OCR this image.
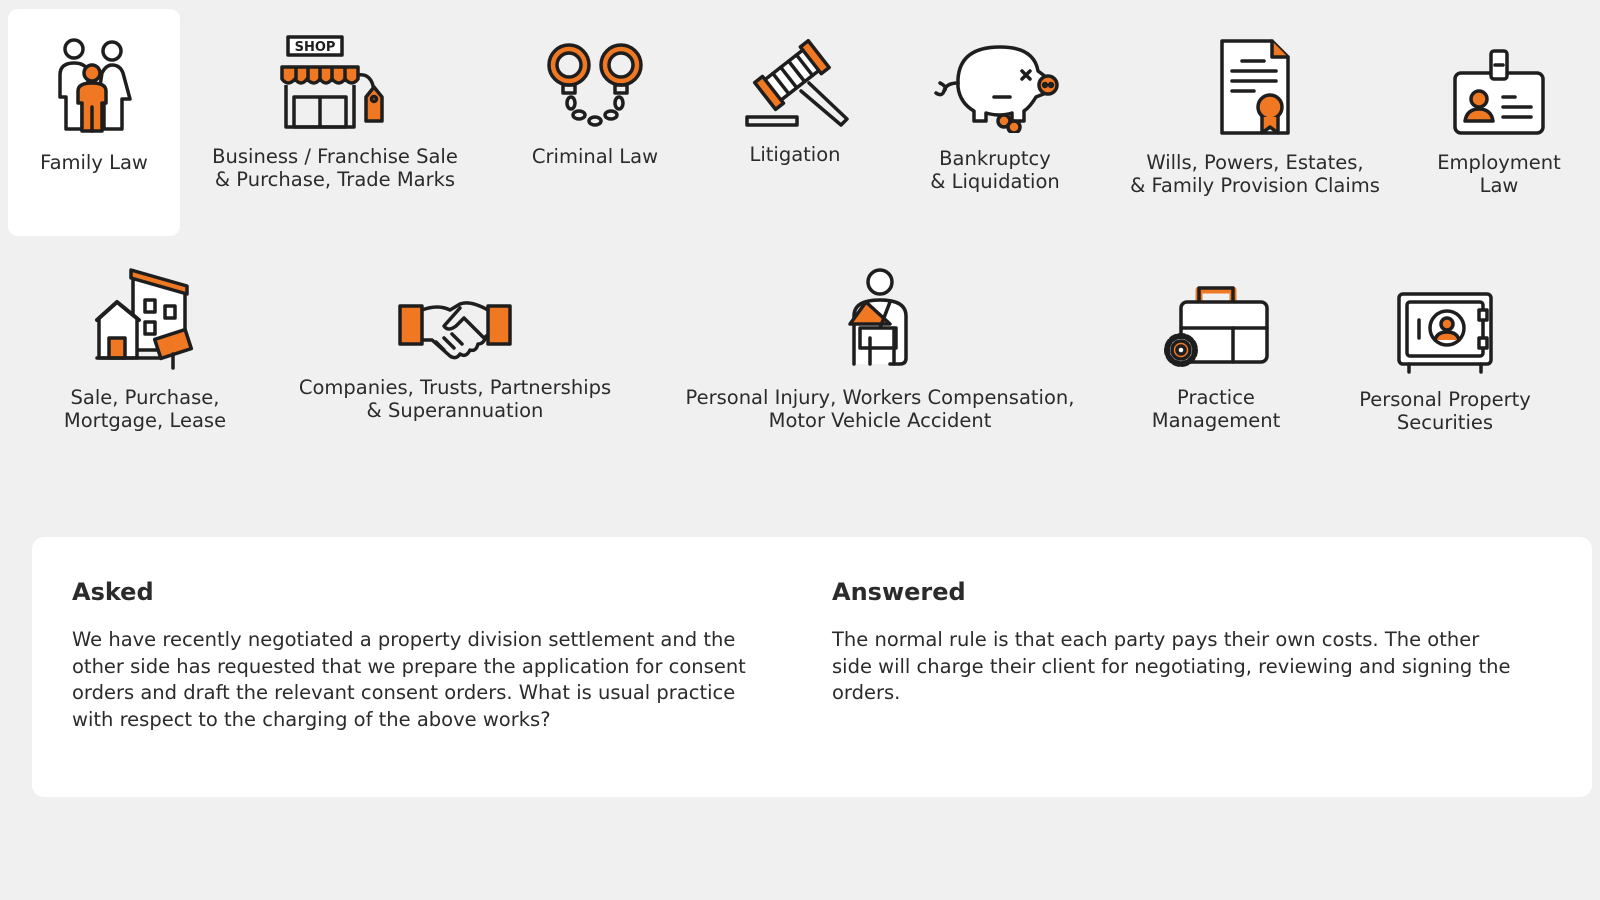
Family Law
SHOP
Business / Franchise Sale
& Purchase, Trade Marks
Criminal Law	Litigation	Bankruptcy
& Liquidation
Wills, Powers, Estates,
& Family Provision Claims
Employment
Law
Sale, Purchase,
Mortgage, Lease
Companies, Trusts, Partnerships
& Superannuation
Personal Injury, Workers Compensation,
Motor Vehicle Accident
Practice
Management
Personal Property
Securities
Asked

We have recently negotiated a property division settlement and the other side has requested that we prepare the application for consent orders and draft the relevant consent orders. What is usual practice with respect to the charging of the above works?

Answered

The normal rule is that each party pays their own costs. The other side will charge their client for negotiating, reviewing and signing the orders.
